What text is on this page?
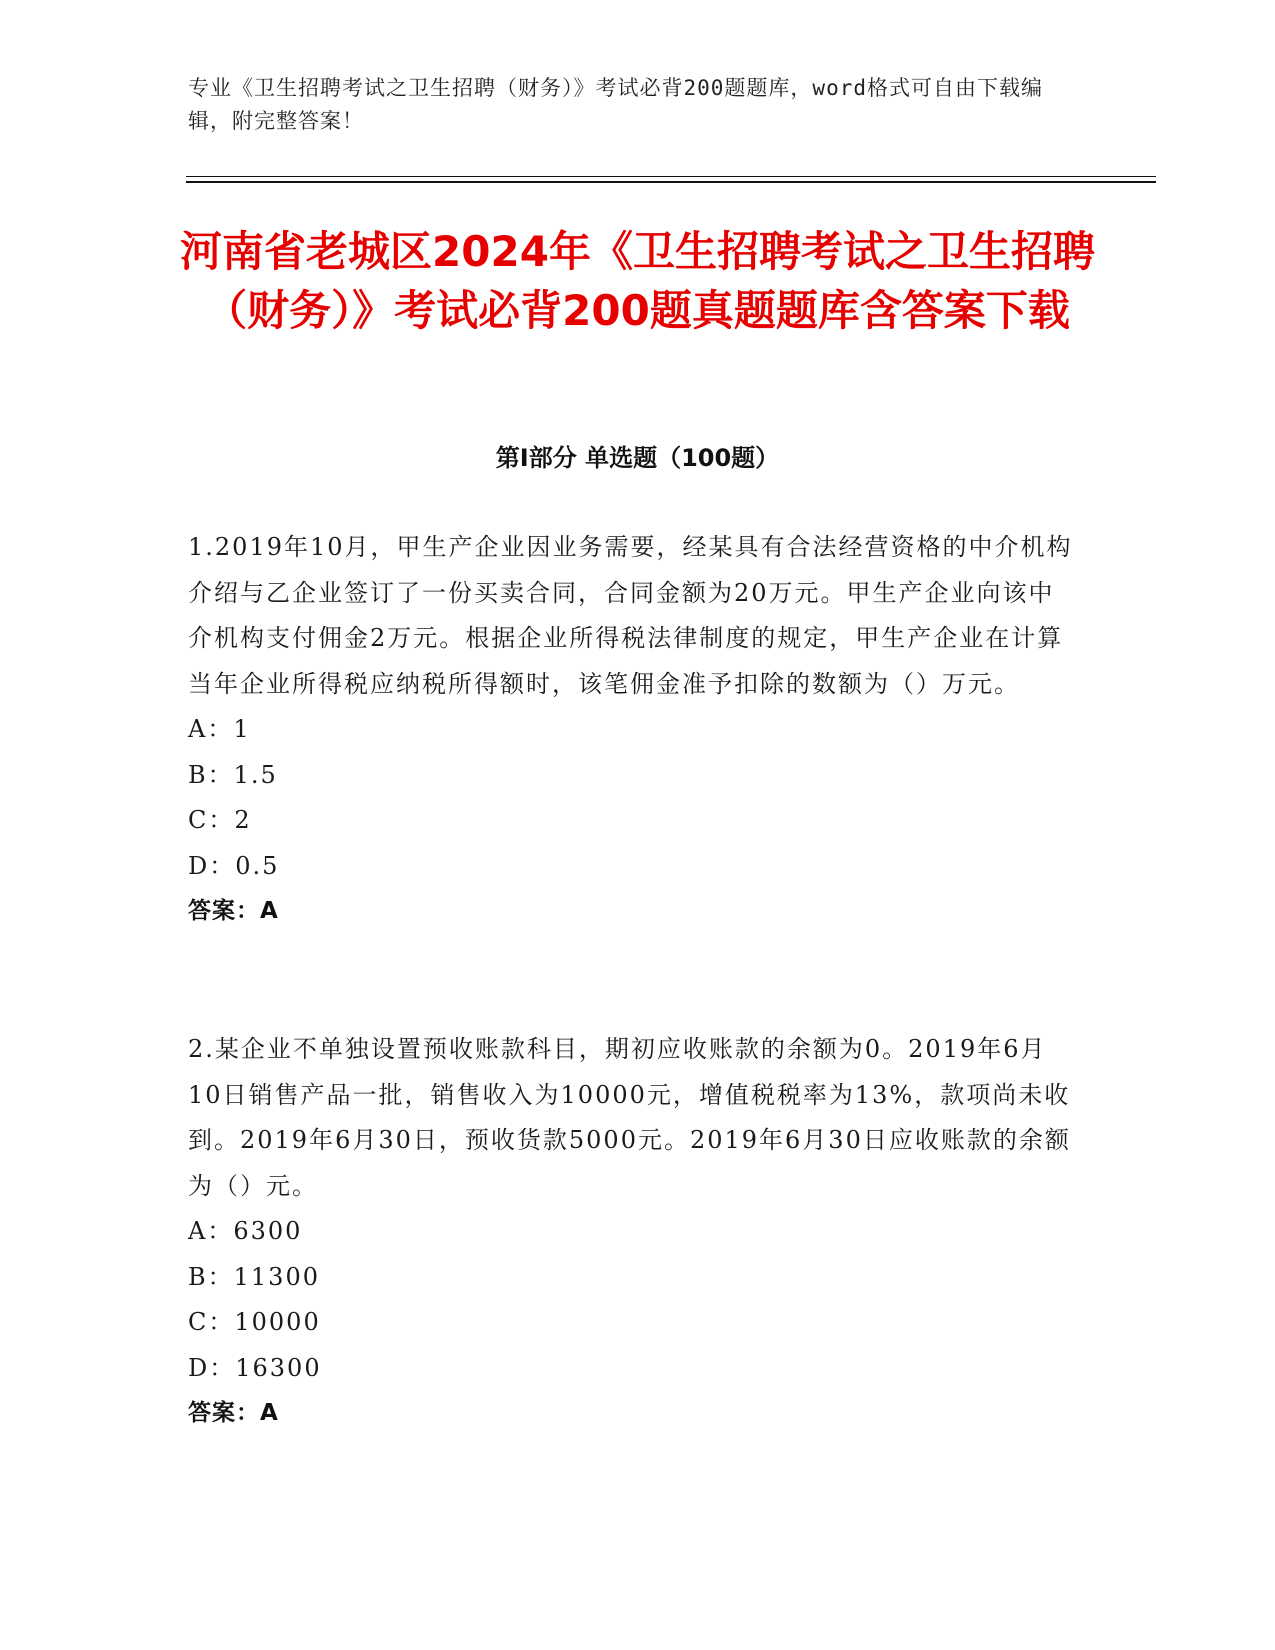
专业《卫生招聘考试之卫生招聘（财务）》考试必背200题题库，word格式可自由下载编辑，附完整答案！
河南省老城区2024年《卫生招聘考试之卫生招聘（财务）》考试必背200题真题题库含答案下载
第I部分 单选题（100题）
1.2019年10月，甲生产企业因业务需要，经某具有合法经营资格的中介机构介绍与乙企业签订了一份买卖合同，合同金额为20万元。甲生产企业向该中介机构支付佣金2万元。根据企业所得税法律制度的规定，甲生产企业在计算当年企业所得税应纳税所得额时，该笔佣金准予扣除的数额为（）万元。
A： 1
B： 1.5
C： 2
D： 0.5
答案：A
2.某企业不单独设置预收账款科目，期初应收账款的余额为0。2019年6月10日销售产品一批，销售收入为10000元，增值税税率为13%，款项尚未收到。2019年6月30日，预收货款5000元。2019年6月30日应收账款的余额为（）元。
A： 6300
B： 11300
C： 10000
D： 16300
答案：A
